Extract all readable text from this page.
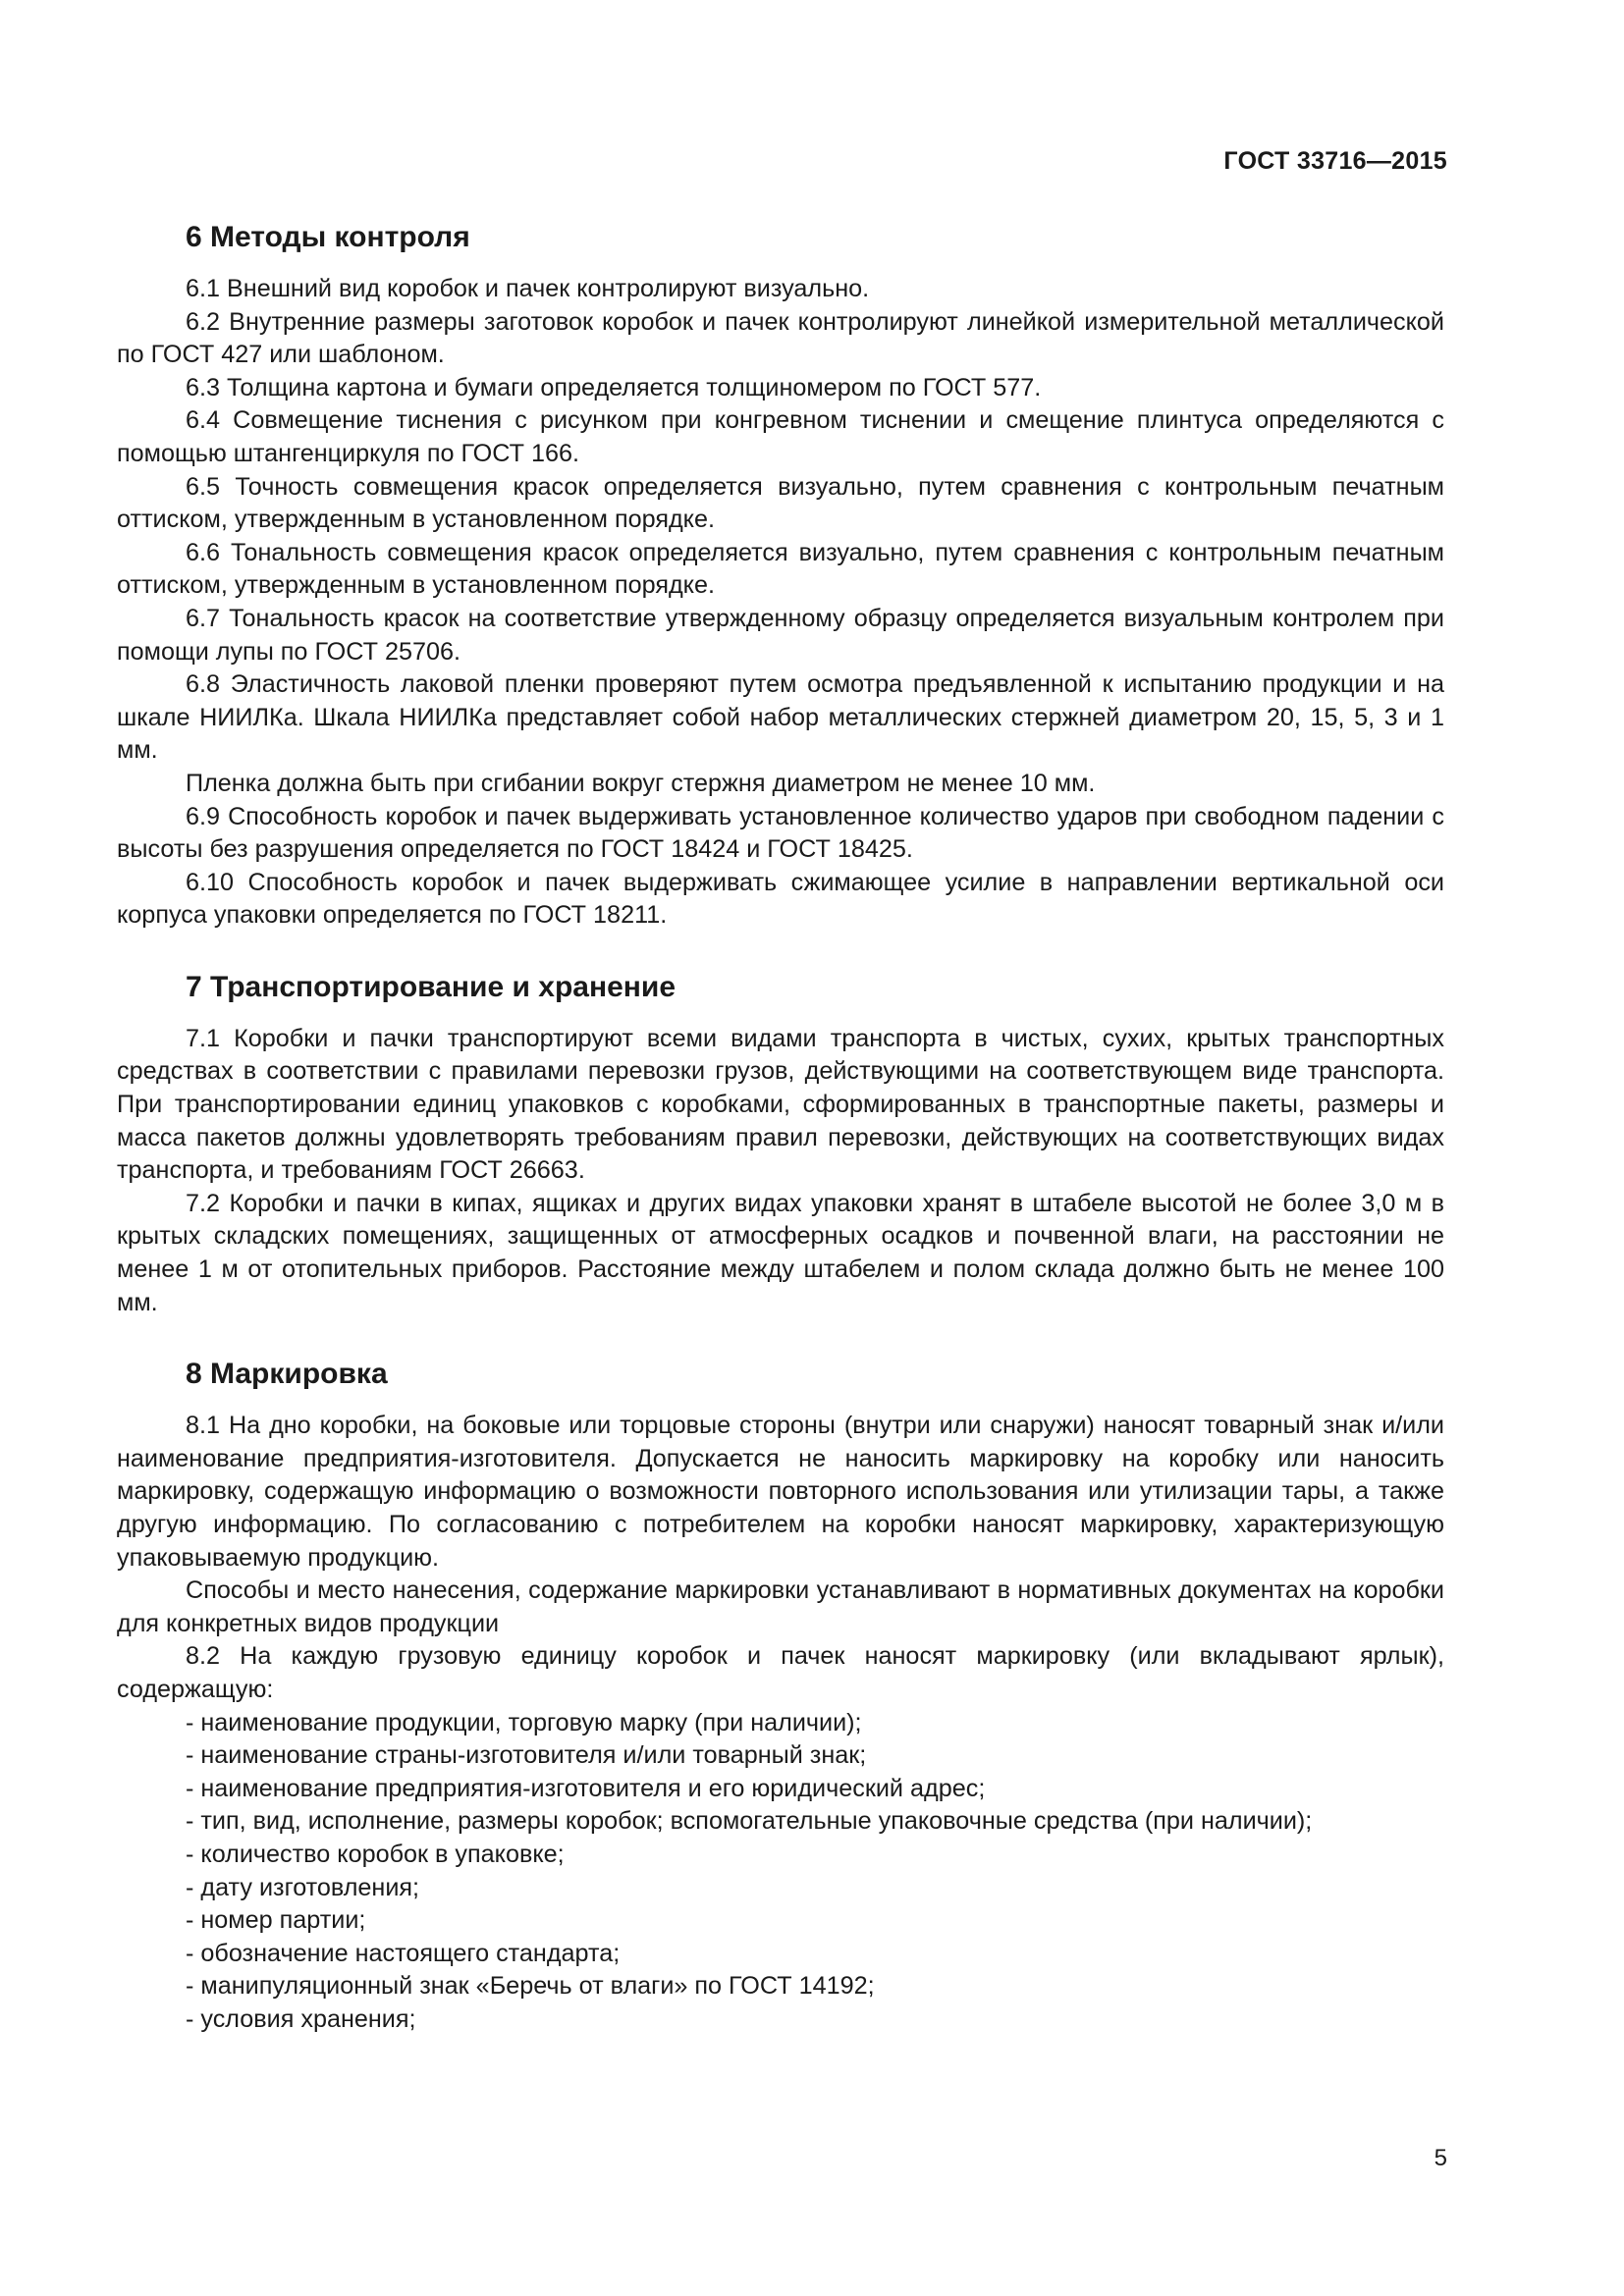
ГОСТ 33716—2015
6 Методы контроля

6.1 Внешний вид коробок и пачек контролируют визуально.

6.2 Внутренние размеры заготовок коробок и пачек контролируют линейкой измерительной металлической по ГОСТ 427 или шаблоном.

6.3 Толщина картона и бумаги определяется толщиномером по ГОСТ 577.

6.4 Совмещение тиснения с рисунком при конгревном тиснении и смещение плинтуса определяются с помощью штангенциркуля по ГОСТ 166.

6.5 Точность совмещения красок определяется визуально, путем сравнения с контрольным печатным оттиском, утвержденным в установленном порядке.

6.6 Тональность совмещения красок определяется визуально, путем сравнения с контрольным печатным оттиском, утвержденным в установленном порядке.

6.7 Тональность красок на соответствие утвержденному образцу определяется визуальным контролем при помощи лупы по ГОСТ 25706.

6.8 Эластичность лаковой пленки проверяют путем осмотра предъявленной к испытанию продукции и на шкале НИИЛКа. Шкала НИИЛКа представляет собой набор металлических стержней диаметром 20, 15, 5, 3 и 1 мм.

Пленка должна быть при сгибании вокруг стержня диаметром не менее 10 мм.

6.9 Способность коробок и пачек выдерживать установленное количество ударов при свободном падении с высоты без разрушения определяется по ГОСТ 18424 и ГОСТ 18425.

6.10 Способность коробок и пачек выдерживать сжимающее усилие в направлении вертикальной оси корпуса упаковки определяется по ГОСТ 18211.

7 Транспортирование и хранение

7.1 Коробки и пачки транспортируют всеми видами транспорта в чистых, сухих, крытых транспортных средствах в соответствии с правилами перевозки грузов, действующими на соответствующем виде транспорта. При транспортировании единиц упаковков с коробками, сформированных в транспортные пакеты, размеры и масса пакетов должны удовлетворять требованиям правил перевозки, действующих на соответствующих видах транспорта, и требованиям ГОСТ 26663.

7.2 Коробки и пачки в кипах, ящиках и других видах упаковки хранят в штабеле высотой не более 3,0 м в крытых складских помещениях, защищенных от атмосферных осадков и почвенной влаги, на расстоянии не менее 1 м от отопительных приборов. Расстояние между штабелем и полом склада должно быть не менее 100 мм.

8 Маркировка

8.1 На дно коробки, на боковые или торцовые стороны (внутри или снаружи) наносят товарный знак и/или наименование предприятия-изготовителя. Допускается не наносить маркировку на коробку или наносить маркировку, содержащую информацию о возможности повторного использования или утилизации тары, а также другую информацию. По согласованию с потребителем на коробки наносят маркировку, характеризующую упаковываемую продукцию.

Способы и место нанесения, содержание маркировки устанавливают в нормативных документах на коробки для конкретных видов продукции

8.2 На каждую грузовую единицу коробок и пачек наносят маркировку (или вкладывают ярлык), содержащую:

- наименование продукции, торговую марку (при наличии);
- наименование страны-изготовителя и/или товарный знак;
- наименование предприятия-изготовителя и его юридический адрес;
- тип, вид, исполнение, размеры коробок; вспомогательные упаковочные средства (при наличии);
- количество коробок в упаковке;
- дату изготовления;
- номер партии;
- обозначение настоящего стандарта;
- манипуляционный знак «Беречь от влаги» по ГОСТ 14192;
- условия хранения;
5
